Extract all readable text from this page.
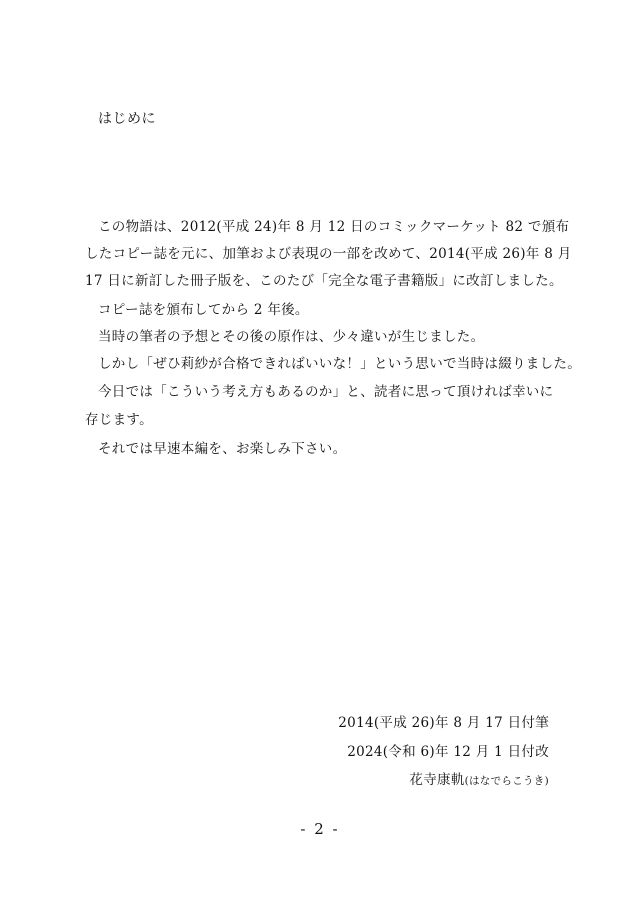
はじめに
この物語は、2012(平成 24)年 8 月 12 日のコミックマーケット 82 で頒布
したコピー誌を元に、加筆および表現の一部を改めて、2014(平成 26)年 8 月
17 日に新訂した冊子版を、このたび「完全な電子書籍版」に改訂しました。
コピー誌を頒布してから 2 年後。
当時の筆者の予想とその後の原作は、少々違いが生じました。
しかし「ぜひ莉紗が合格できればいいな！」という思いで当時は綴りました。
今日では「こういう考え方もあるのか」と、読者に思って頂ければ幸いに
存じます。
それでは早速本編を、お楽しみ下さい。
2014(平成 26)年 8 月 17 日付筆
2024(令和 6)年 12 月 1 日付改
花寺康軌(はなでらこうき)
- 2 -
